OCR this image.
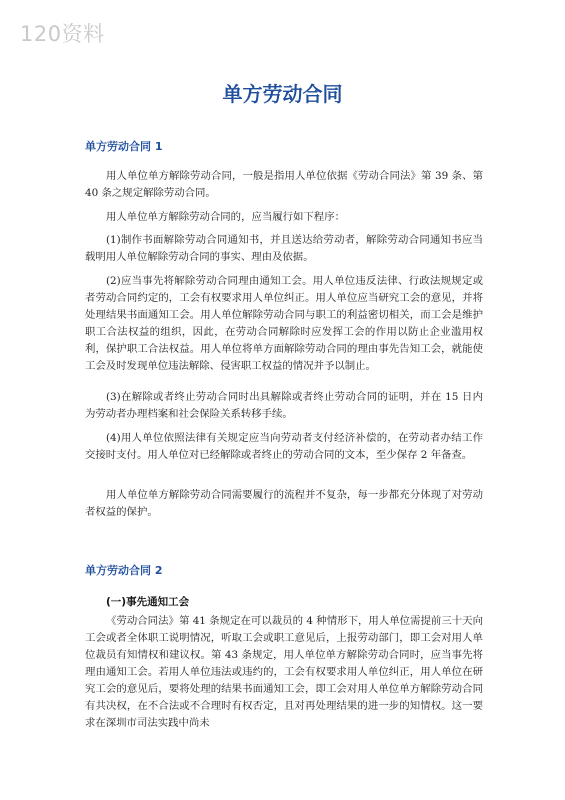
120资料
单方劳动合同
单方劳动合同 1

用人单位单方解除劳动合同，一般是指用人单位依据《劳动合同法》第 39 条、第 40 条之规定解除劳动合同。

用人单位单方解除劳动合同的，应当履行如下程序：

(1)制作书面解除劳动合同通知书，并且送达给劳动者，解除劳动合同通知书应当载明用人单位解除劳动合同的事实、理由及依据。

(2)应当事先将解除劳动合同理由通知工会。用人单位违反法律、行政法规规定或者劳动合同约定的，工会有权要求用人单位纠正。用人单位应当研究工会的意见，并将处理结果书面通知工会。用人单位解除劳动合同与职工的利益密切相关，而工会是维护职工合法权益的组织，因此，在劳动合同解除时应发挥工会的作用以防止企业滥用权利，保护职工合法权益。用人单位将单方面解除劳动合同的理由事先告知工会，就能使工会及时发现单位违法解除、侵害职工权益的情况并予以制止。

(3)在解除或者终止劳动合同时出具解除或者终止劳动合同的证明，并在 15 日内为劳动者办理档案和社会保险关系转移手续。

(4)用人单位依照法律有关规定应当向劳动者支付经济补偿的，在劳动者办结工作交接时支付。用人单位对已经解除或者终止的劳动合同的文本，至少保存 2 年备查。

用人单位单方解除劳动合同需要履行的流程并不复杂，每一步都充分体现了对劳动者权益的保护。

单方劳动合同 2
(一)事先通知工会

《劳动合同法》第 41 条规定在可以裁员的 4 种情形下，用人单位需提前三十天向工会或者全体职工说明情况，听取工会或职工意见后，上报劳动部门，即工会对用人单位裁员有知情权和建议权。第 43 条规定，用人单位单方解除劳动合同时，应当事先将理由通知工会。若用人单位违法或违约的，工会有权要求用人单位纠正，用人单位在研究工会的意见后，要将处理的结果书面通知工会，即工会对用人单位单方解除劳动合同有共决权，在不合法或不合理时有权否定，且对再处理结果的进一步的知情权。这一要求在深圳市司法实践中尚未
